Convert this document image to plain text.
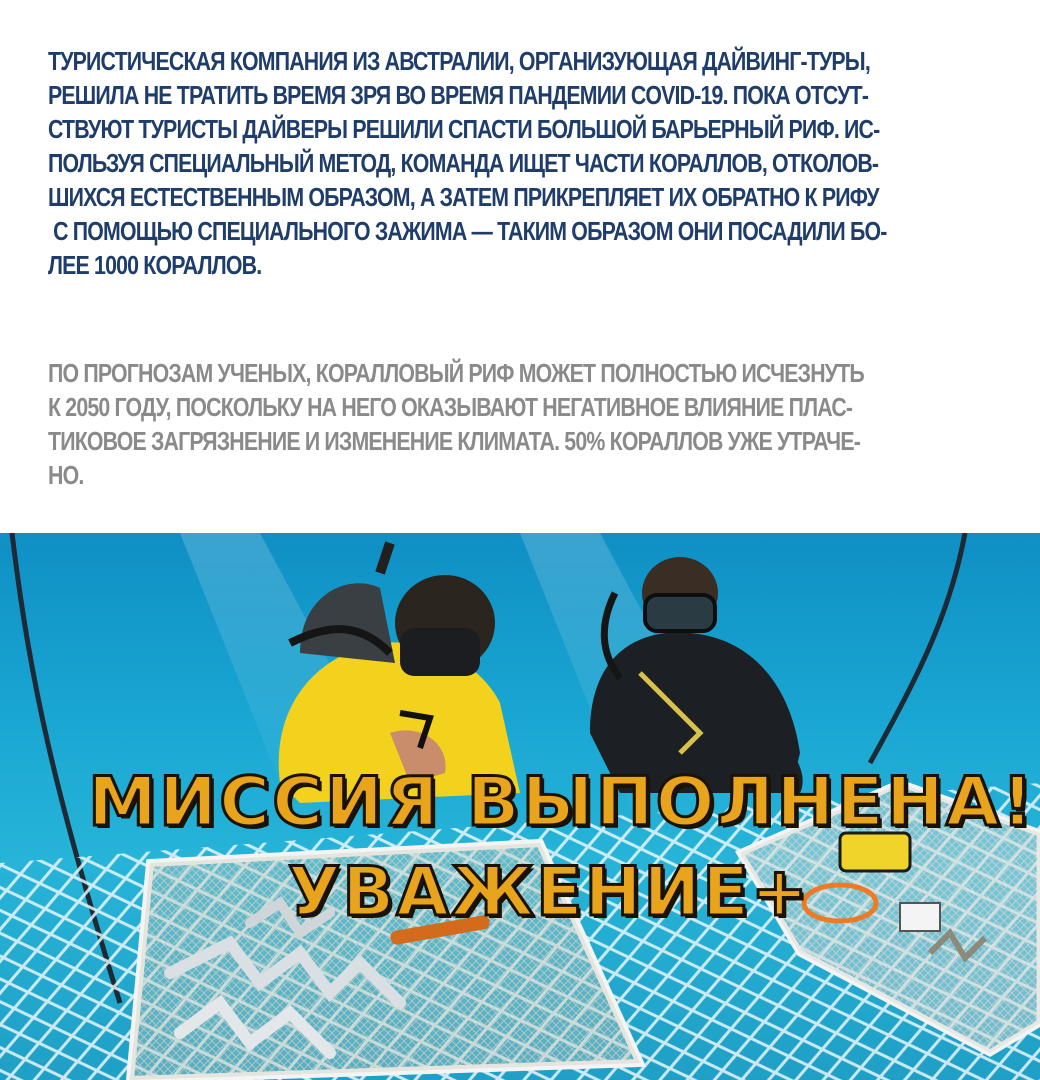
ТУРИСТИЧЕСКАЯ КОМПАНИЯ ИЗ АВСТРАЛИИ, ОРГАНИЗУЮЩАЯ ДАЙВИНГ-ТУРЫ,
РЕШИЛА НЕ ТРАТИТЬ ВРЕМЯ ЗРЯ ВО ВРЕМЯ ПАНДЕМИИ COVID-19. ПОКА ОТСУТ-
СТВУЮТ ТУРИСТЫ ДАЙВЕРЫ РЕШИЛИ СПАСТИ БОЛЬШОЙ БАРЬЕРНЫЙ РИФ. ИС-
ПОЛЬЗУЯ СПЕЦИАЛЬНЫЙ МЕТОД, КОМАНДА ИЩЕТ ЧАСТИ КОРАЛЛОВ, ОТКОЛОВ-
ШИХСЯ ЕСТЕСТВЕННЫМ ОБРАЗОМ, А ЗАТЕМ ПРИКРЕПЛЯЕТ ИХ ОБРАТНО К РИФУ
С ПОМОЩЬЮ СПЕЦИАЛЬНОГО ЗАЖИМА — ТАКИМ ОБРАЗОМ ОНИ ПОСАДИЛИ БО-
ЛЕЕ 1000 КОРАЛЛОВ.
ПО ПРОГНОЗАМ УЧЕНЫХ, КОРАЛЛОВЫЙ РИФ МОЖЕТ ПОЛНОСТЬЮ ИСЧЕЗНУТЬ
К 2050 ГОДУ, ПОСКОЛЬКУ НА НЕГО ОКАЗЫВАЮТ НЕГАТИВНОЕ ВЛИЯНИЕ ПЛАС-
ТИКОВОЕ ЗАГРЯЗНЕНИЕ И ИЗМЕНЕНИЕ КЛИМАТА. 50% КОРАЛЛОВ УЖЕ УТРАЧЕ-
НО.
МИССИЯ ВЫПОЛНЕНА!
УВАЖЕНИЕ+
